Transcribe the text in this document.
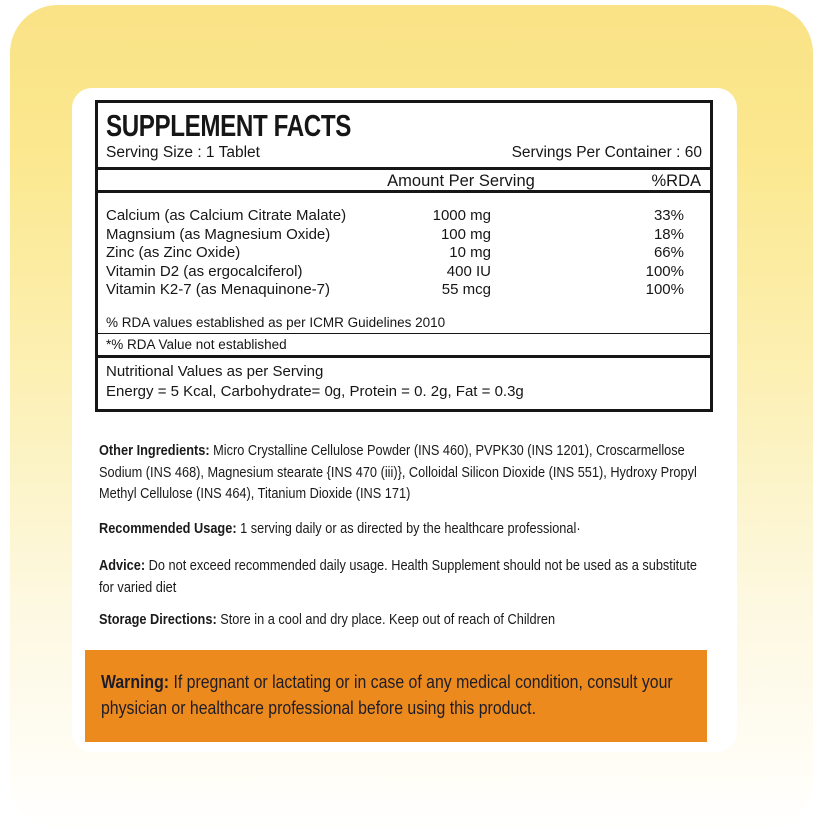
SUPPLEMENT FACTS
Serving Size : 1 Tablet	Servings Per Container : 60
Amount Per Serving	%RDA
Calcium (as Calcium Citrate Malate)	1000 mg	33%
Magnsium (as Magnesium Oxide)	100 mg	18%
Zinc (as Zinc Oxide)	10 mg	66%
Vitamin D2 (as ergocalciferol)	400 IU	100%
Vitamin K2-7 (as Menaquinone-7)	55 mcg	100%
% RDA values established as per ICMR Guidelines 2010
*% RDA Value not established
Nutritional Values as per Serving
Energy = 5 Kcal, Carbohydrate= 0g, Protein = 0. 2g, Fat = 0.3g
Other Ingredients: Micro Crystalline Cellulose Powder (INS 460), PVPK30 (INS 1201), Croscarmellose Sodium (INS 468), Magnesium stearate {INS 470 (iii)}, Colloidal Silicon Dioxide (INS 551), Hydroxy Propyl Methyl Cellulose (INS 464), Titanium Dioxide (INS 171)
Recommended Usage: 1 serving daily or as directed by the healthcare professional·
Advice: Do not exceed recommended daily usage. Health Supplement should not be used as a substitute for varied diet
Storage Directions: Store in a cool and dry place. Keep out of reach of Children
Warning: If pregnant or lactating or in case of any medical condition, consult your physician or healthcare professional before using this product.
